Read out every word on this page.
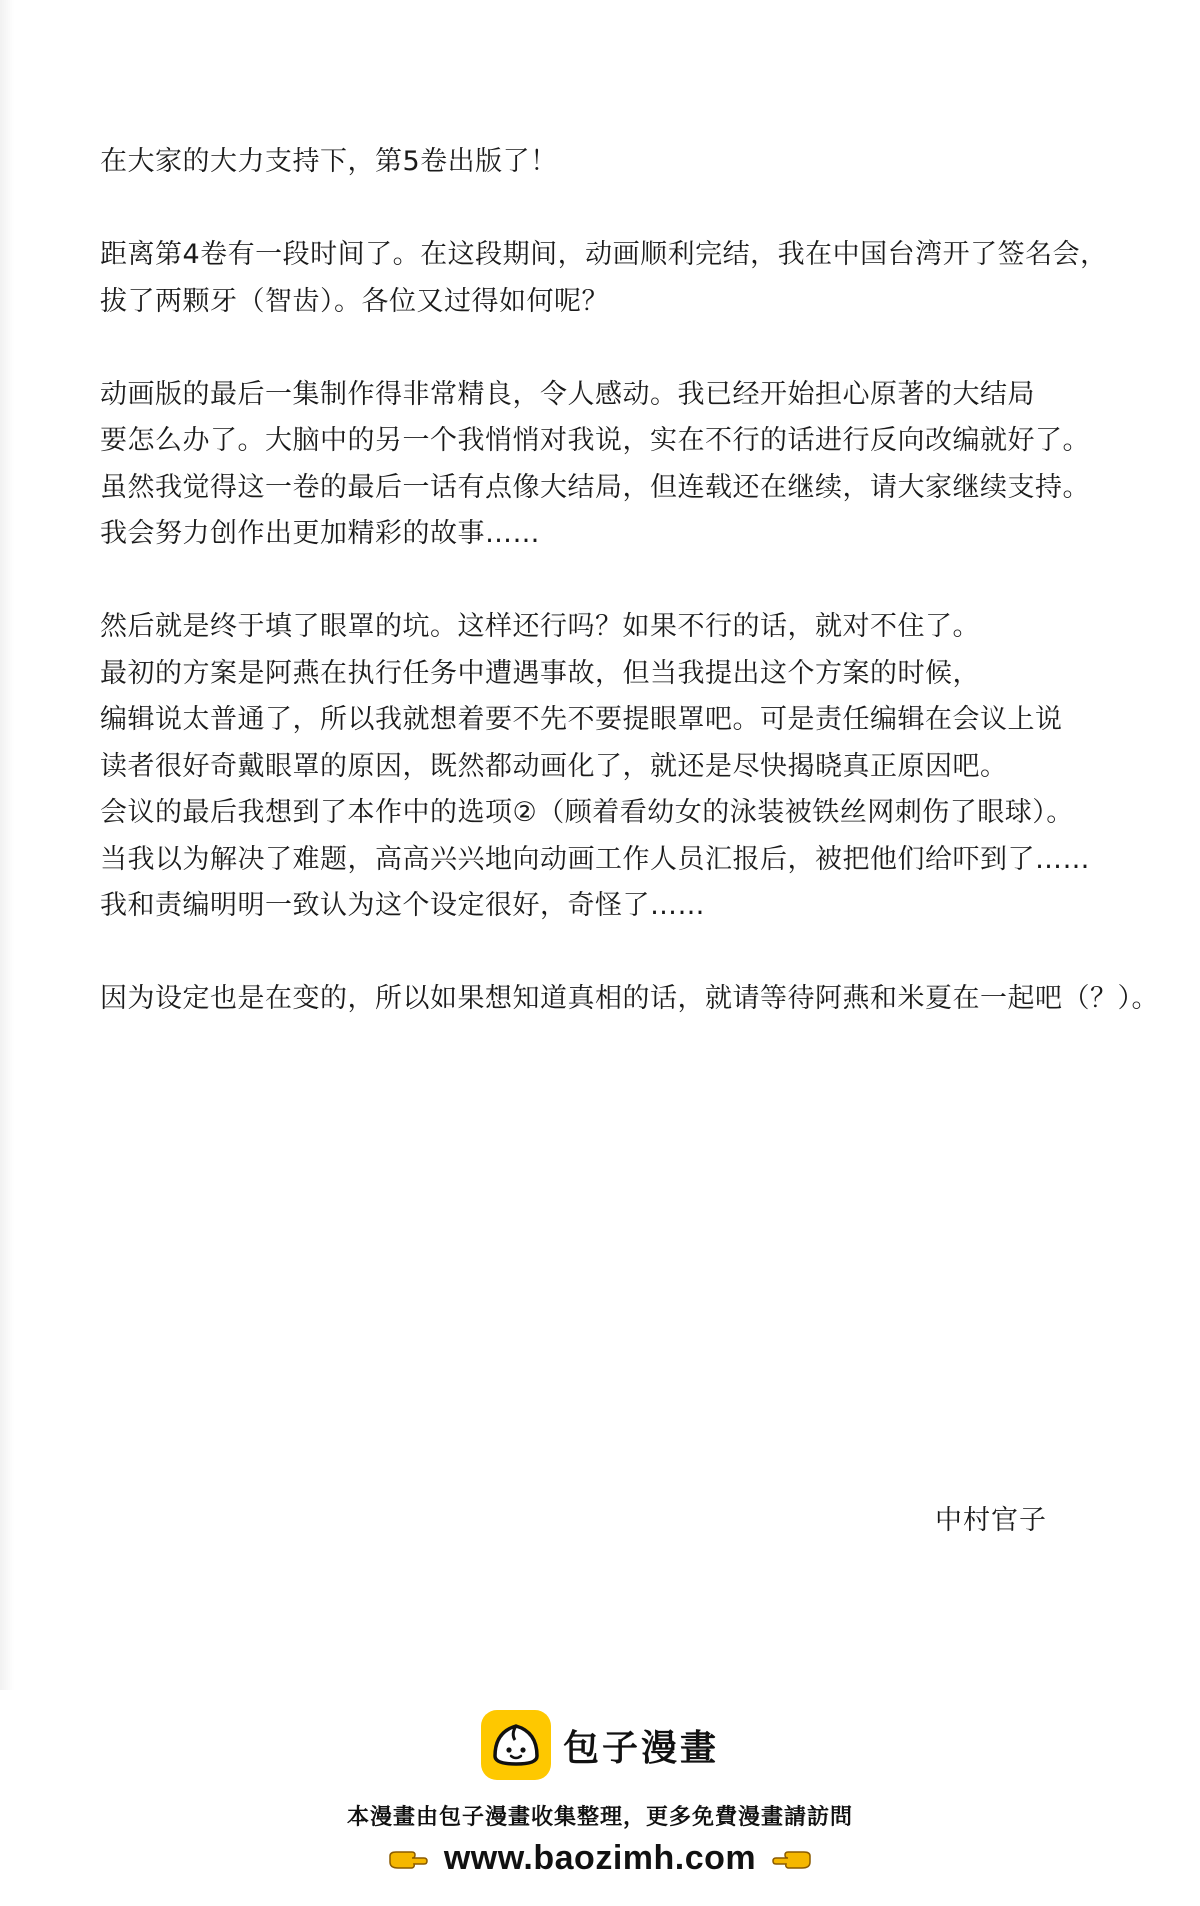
在大家的大力支持下，第5卷出版了！

距离第4卷有一段时间了。在这段期间，动画顺利完结，我在中国台湾开了签名会，
拔了两颗牙（智齿）。各位又过得如何呢？

动画版的最后一集制作得非常精良，令人感动。我已经开始担心原著的大结局
要怎么办了。大脑中的另一个我悄悄对我说，实在不行的话进行反向改编就好了。
虽然我觉得这一卷的最后一话有点像大结局，但连载还在继续，请大家继续支持。
我会努力创作出更加精彩的故事……

然后就是终于填了眼罩的坑。这样还行吗？如果不行的话，就对不住了。
最初的方案是阿燕在执行任务中遭遇事故，但当我提出这个方案的时候，
编辑说太普通了，所以我就想着要不先不要提眼罩吧。可是责任编辑在会议上说
读者很好奇戴眼罩的原因，既然都动画化了，就还是尽快揭晓真正原因吧。
会议的最后我想到了本作中的选项②（顾着看幼女的泳装被铁丝网刺伤了眼球）。
当我以为解决了难题，高高兴兴地向动画工作人员汇报后，被把他们给吓到了……
我和责编明明一致认为这个设定很好，奇怪了……

因为设定也是在变的，所以如果想知道真相的话，就请等待阿燕和米夏在一起吧（？）。

中村官子
包子漫畫
本漫畫由包子漫畫收集整理，更多免費漫畫請訪問
www.baozimh.com
